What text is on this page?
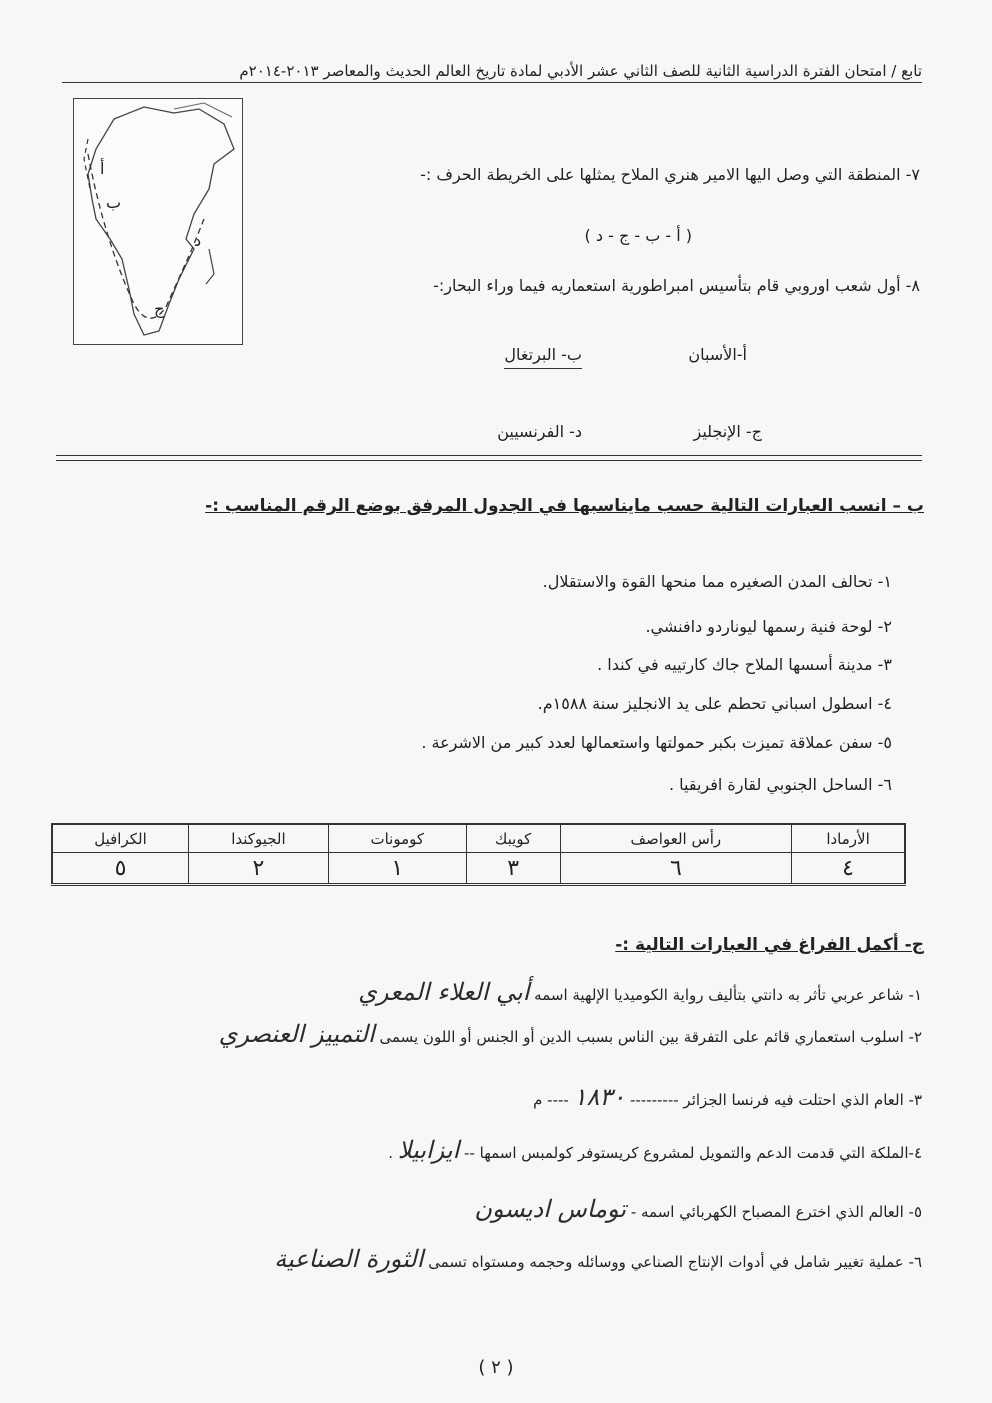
تابع / امتحان الفترة الدراسية الثانية للصف الثاني عشر الأدبي لمادة تاريخ العالم الحديث والمعاصر ٢٠١٣-٢٠١٤م
أ
ب
ج
د
٧- المنطقة التي وصل اليها الامير هنري الملاح يمثلها على الخريطة الحرف :-
( أ - ب - ج - د )
٨- أول شعب اوروبي قام بتأسيس امبراطورية استعماريه فيما وراء البحار:-
أ-الأسبان
ب- البرتغال
ج- الإنجليز
د- الفرنسيين
ب – انسب العبارات التالية حسب مايناسبها في الجدول المرفق بوضع الرقم المناسب :-
١- تحالف المدن الصغيره مما منحها القوة والاستقلال.
٢- لوحة فنية رسمها ليوناردو دافنشي.
٣- مدينة أسسها الملاح جاك كارتييه في كندا .
٤- اسطول اسباني تحطم على يد الانجليز سنة ١٥٨٨م.
٥- سفن عملاقة تميزت بكبر حمولتها واستعمالها لعدد كبير من الاشرعة .
٦- الساحل الجنوبي لقارة افريقيا .
الأرمادا	رأس العواصف	كويبك	كومونات	الجيوكندا	الكرافيل
٤	٦	٣	١	٢	٥
ج- أكمل الفراغ في العبارات التالية :-
١- شاعر عربي تأثر به دانتي بتأليف رواية الكوميديا الإلهية اسمه أبي العلاء المعري
٢- اسلوب استعماري قائم على التفرقة بين الناس بسبب الدين أو الجنس أو اللون يسمى التمييز العنصري
٣- العام الذي احتلت فيه فرنسا الجزائر --------- ١٨٣٠ ---- م
٤-الملكة التي قدمت الدعم والتمويل لمشروع كريستوفر كولمبس اسمها -- ايزابيلا .
٥- العالم الذي اخترع المصباح الكهربائي اسمه - توماس اديسون
٦- عملية تغيير شامل في أدوات الإنتاج الصناعي ووسائله وحجمه ومستواه تسمى الثورة الصناعية
( ٢ )
